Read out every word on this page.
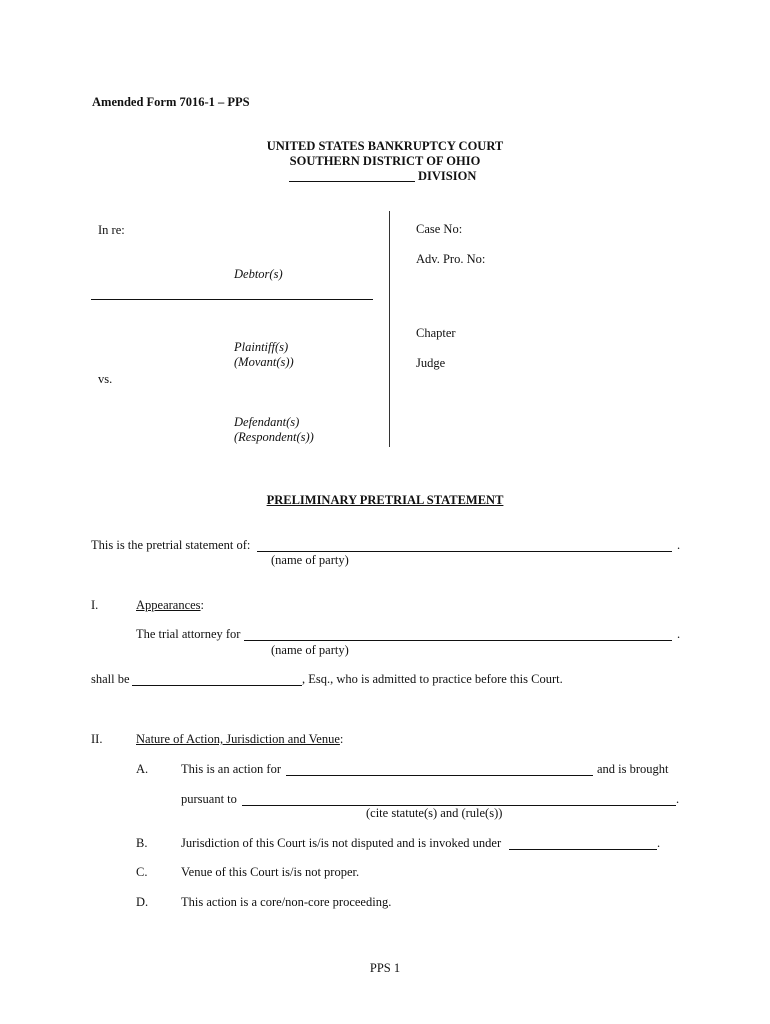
Amended Form 7016-1 – PPS
UNITED STATES BANKRUPTCY COURT
SOUTHERN DISTRICT OF OHIO
DIVISION
In re:
Debtor(s)
Plaintiff(s)
(Movant(s))
vs.
Defendant(s)
(Respondent(s))
Case No:
Adv. Pro. No:
Chapter
Judge
PRELIMINARY PRETRIAL STATEMENT
This is the pretrial statement of:	.
(name of party)
I.	Appearances:
The trial attorney for	.
(name of party)
shall be	, Esq., who is admitted to practice before this Court.
II.	Nature of Action, Jurisdiction and Venue:
A.	This is an action for	and is brought
pursuant to	.
(cite statute(s) and (rule(s))
B.	Jurisdiction of this Court is/is not disputed and is invoked under	.
C.	Venue of this Court is/is not proper.
D.	This action is a core/non-core proceeding.
PPS 1
